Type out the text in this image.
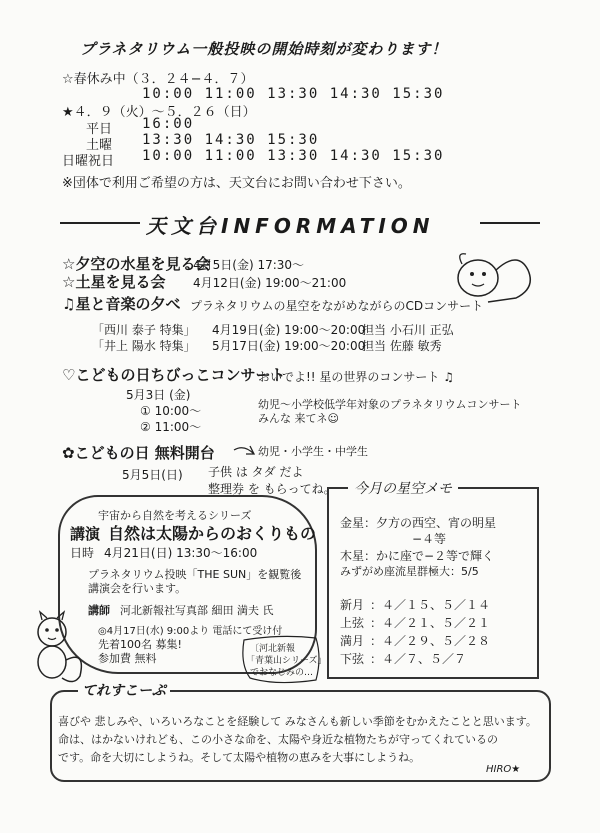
プラネタリウム一般投映の開始時刻が変わります！
☆春休み中（３．２４−４．７）
10:00 11:00 13:30 14:30 15:30
★４．９（火）〜５．２６（日）
平日 16:00
土曜 13:30 14:30 15:30
日曜祝日 10:00 11:00 13:30 14:30 15:30
※団体で利用ご希望の方は、天文台にお問い合わせ下さい。
天文台INFORMATION
☆夕空の水星を見る会
4月5日(金) 17:30〜
☆土星を見る会 4月12日(金) 19:00〜21:00
♫星と音楽の夕べ プラネタリウムの星空をながめながらのCDコンサート
「西川 泰子 特集」 4月19日(金) 19:00〜20:00
担当 小石川 正弘
「井上 陽水 特集」 5月17日(金) 19:00〜20:00
担当 佐藤 敏秀
♡こどもの日ちびっこコンサート
おいでよ!! 星の世界のコンサート ♫
5月3日 (金)
① 10:00〜
② 11:00〜
幼児〜小学校低学年対象のプラネタリウムコンサート
みんな 来てネ☺
✿こどもの日 無料開台
5月5日(日)
幼児・小学生・中学生
子供 は タダ だよ
整理券 を もらってね。
宇宙から自然を考えるシリーズ
講演 自然は太陽からのおくりもの
日時 4月21日(日) 13:30〜16:00
プラネタリウム投映「THE SUN」を観覧後
講演会を行います。
講師 河北新報社写真部 細田 満夫 氏
◎4月17日(水) 9:00より 電話にて受け付
先着100名 募集!
参加費 無料
〔河北新報
「青葉山シリーズ」
でおなじみの…
今月の星空メモ
金星：夕方の西空、宵の明星
−４等
木星：かに座で−２等で輝く
みずがめ座流星群極大：5/5
新月 ：４／１５、５／１４
上弦 ：４／２１、５／２１
満月 ：４／２９、５／２８
下弦 ：４／７、５／７
てれすこーぷ
喜びや 悲しみや、いろいろなことを経験して みなさんも新しい季節をむかえたことと思います。
命は、はかないけれども、この小さな命を、太陽や身近な植物たちが守ってくれているの
です。命を大切にしようね。そして太陽や植物の恵みを大事にしようね。
HIRO★
